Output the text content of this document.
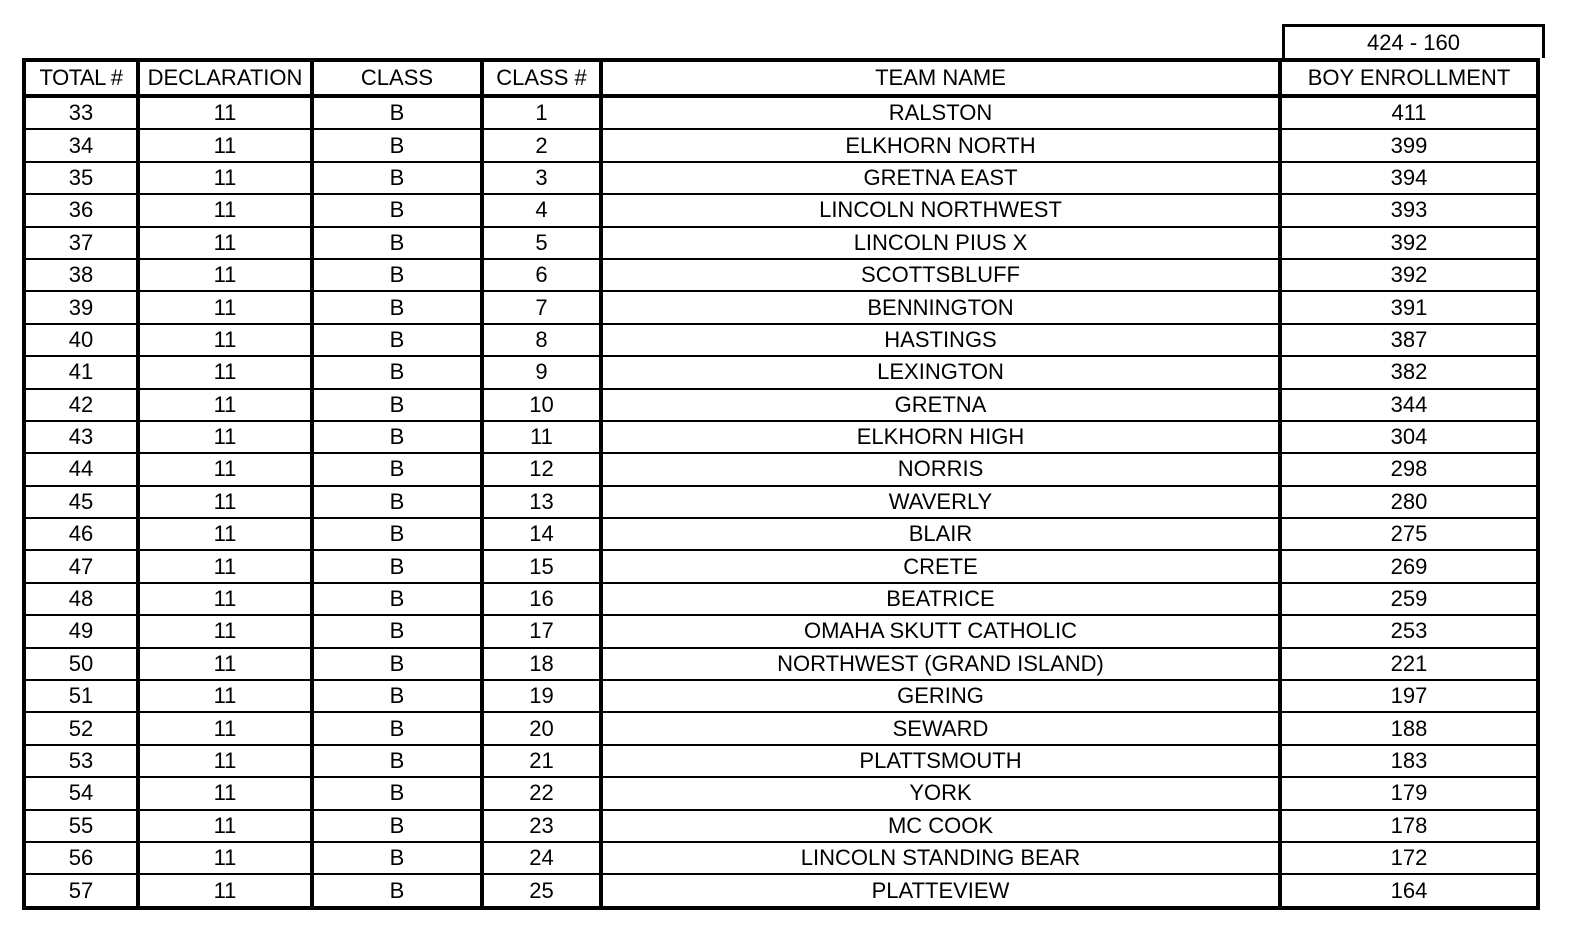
424 - 160
TOTAL #	DECLARATION	CLASS	CLASS #	TEAM NAME	BOY ENROLLMENT
33	11	B	1	RALSTON	411
34	11	B	2	ELKHORN NORTH	399
35	11	B	3	GRETNA EAST	394
36	11	B	4	LINCOLN NORTHWEST	393
37	11	B	5	LINCOLN PIUS X	392
38	11	B	6	SCOTTSBLUFF	392
39	11	B	7	BENNINGTON	391
40	11	B	8	HASTINGS	387
41	11	B	9	LEXINGTON	382
42	11	B	10	GRETNA	344
43	11	B	11	ELKHORN HIGH	304
44	11	B	12	NORRIS	298
45	11	B	13	WAVERLY	280
46	11	B	14	BLAIR	275
47	11	B	15	CRETE	269
48	11	B	16	BEATRICE	259
49	11	B	17	OMAHA SKUTT CATHOLIC	253
50	11	B	18	NORTHWEST (GRAND ISLAND)	221
51	11	B	19	GERING	197
52	11	B	20	SEWARD	188
53	11	B	21	PLATTSMOUTH	183
54	11	B	22	YORK	179
55	11	B	23	MC COOK	178
56	11	B	24	LINCOLN STANDING BEAR	172
57	11	B	25	PLATTEVIEW	164
